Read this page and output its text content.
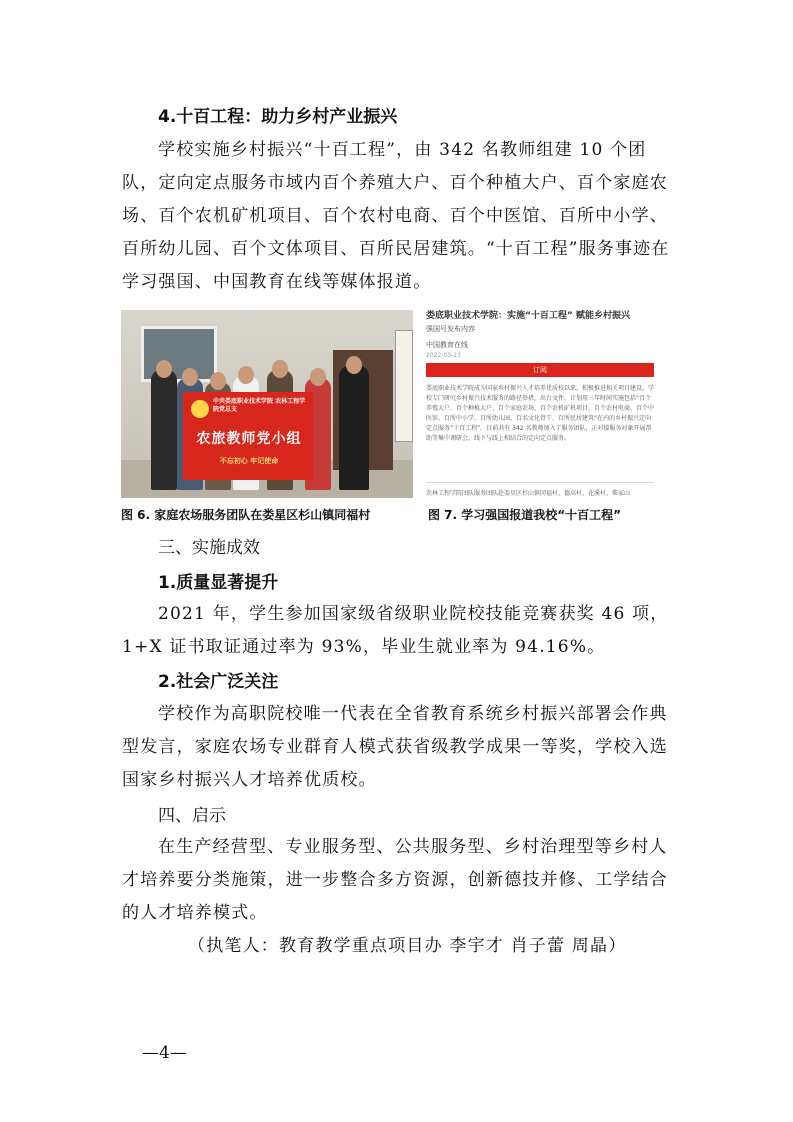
4.十百工程：助力乡村产业振兴

学校实施乡村振兴“十百工程”，由 342 名教师组建 10 个团队，定向定点服务市域内百个养殖大户、百个种植大户、百个家庭农场、百个农机矿机项目、百个农村电商、百个中医馆、百所中小学、百所幼儿园、百个文体项目、百所民居建筑。“十百工程”服务事迹在学习强国、中国教育在线等媒体报道。

中共娄底职业技术学院 农林工程学院党总支
农旅教师党小组
不忘初心 牢记使命
娄底职业技术学院：实施“十百工程” 赋能乡村振兴
强国号发布内容
中国教育在线
2022-03-23
订阅
娄底职业技术学院成为国家乡村振兴人才培养优质校以来，积极推进相关项目建设。学校专门研究乡村振兴技术服务的路径举措，出台文件，计划用三年时间实施包括“百个养殖大户、百个种植大户、百个家庭农场、百个农机矿机项目、百个农村电商、百个中医馆、百所中小学、百所幼儿园、百名文化骨干、百所民居建筑”在内的乡村振兴定向定点服务“十百工程”。目前共有 342 名教师加入了服务团队，正对接服务对象开展帮助等集中调研会，线下与线上相结合的定向定点服务。
农林工程学院团队服务团队赴娄星区杉山镇同福村、德高村、花溪村、柴家山
图 6. 家庭农场服务团队在娄星区杉山镇同福村	图 7. 学习强国报道我校“十百工程”
三、实施成效
1.质量显著提升

2021 年，学生参加国家级省级职业院校技能竞赛获奖 46 项，1+X 证书取证通过率为 93%，毕业生就业率为 94.16%。

2.社会广泛关注

学校作为高职院校唯一代表在全省教育系统乡村振兴部署会作典型发言，家庭农场专业群育人模式获省级教学成果一等奖，学校入选国家乡村振兴人才培养优质校。

四、启示

在生产经营型、专业服务型、公共服务型、乡村治理型等乡村人才培养要分类施策，进一步整合多方资源，创新德技并修、工学结合的人才培养模式。

（执笔人：教育教学重点项目办 李宇才 肖子蕾 周晶）
—4—
